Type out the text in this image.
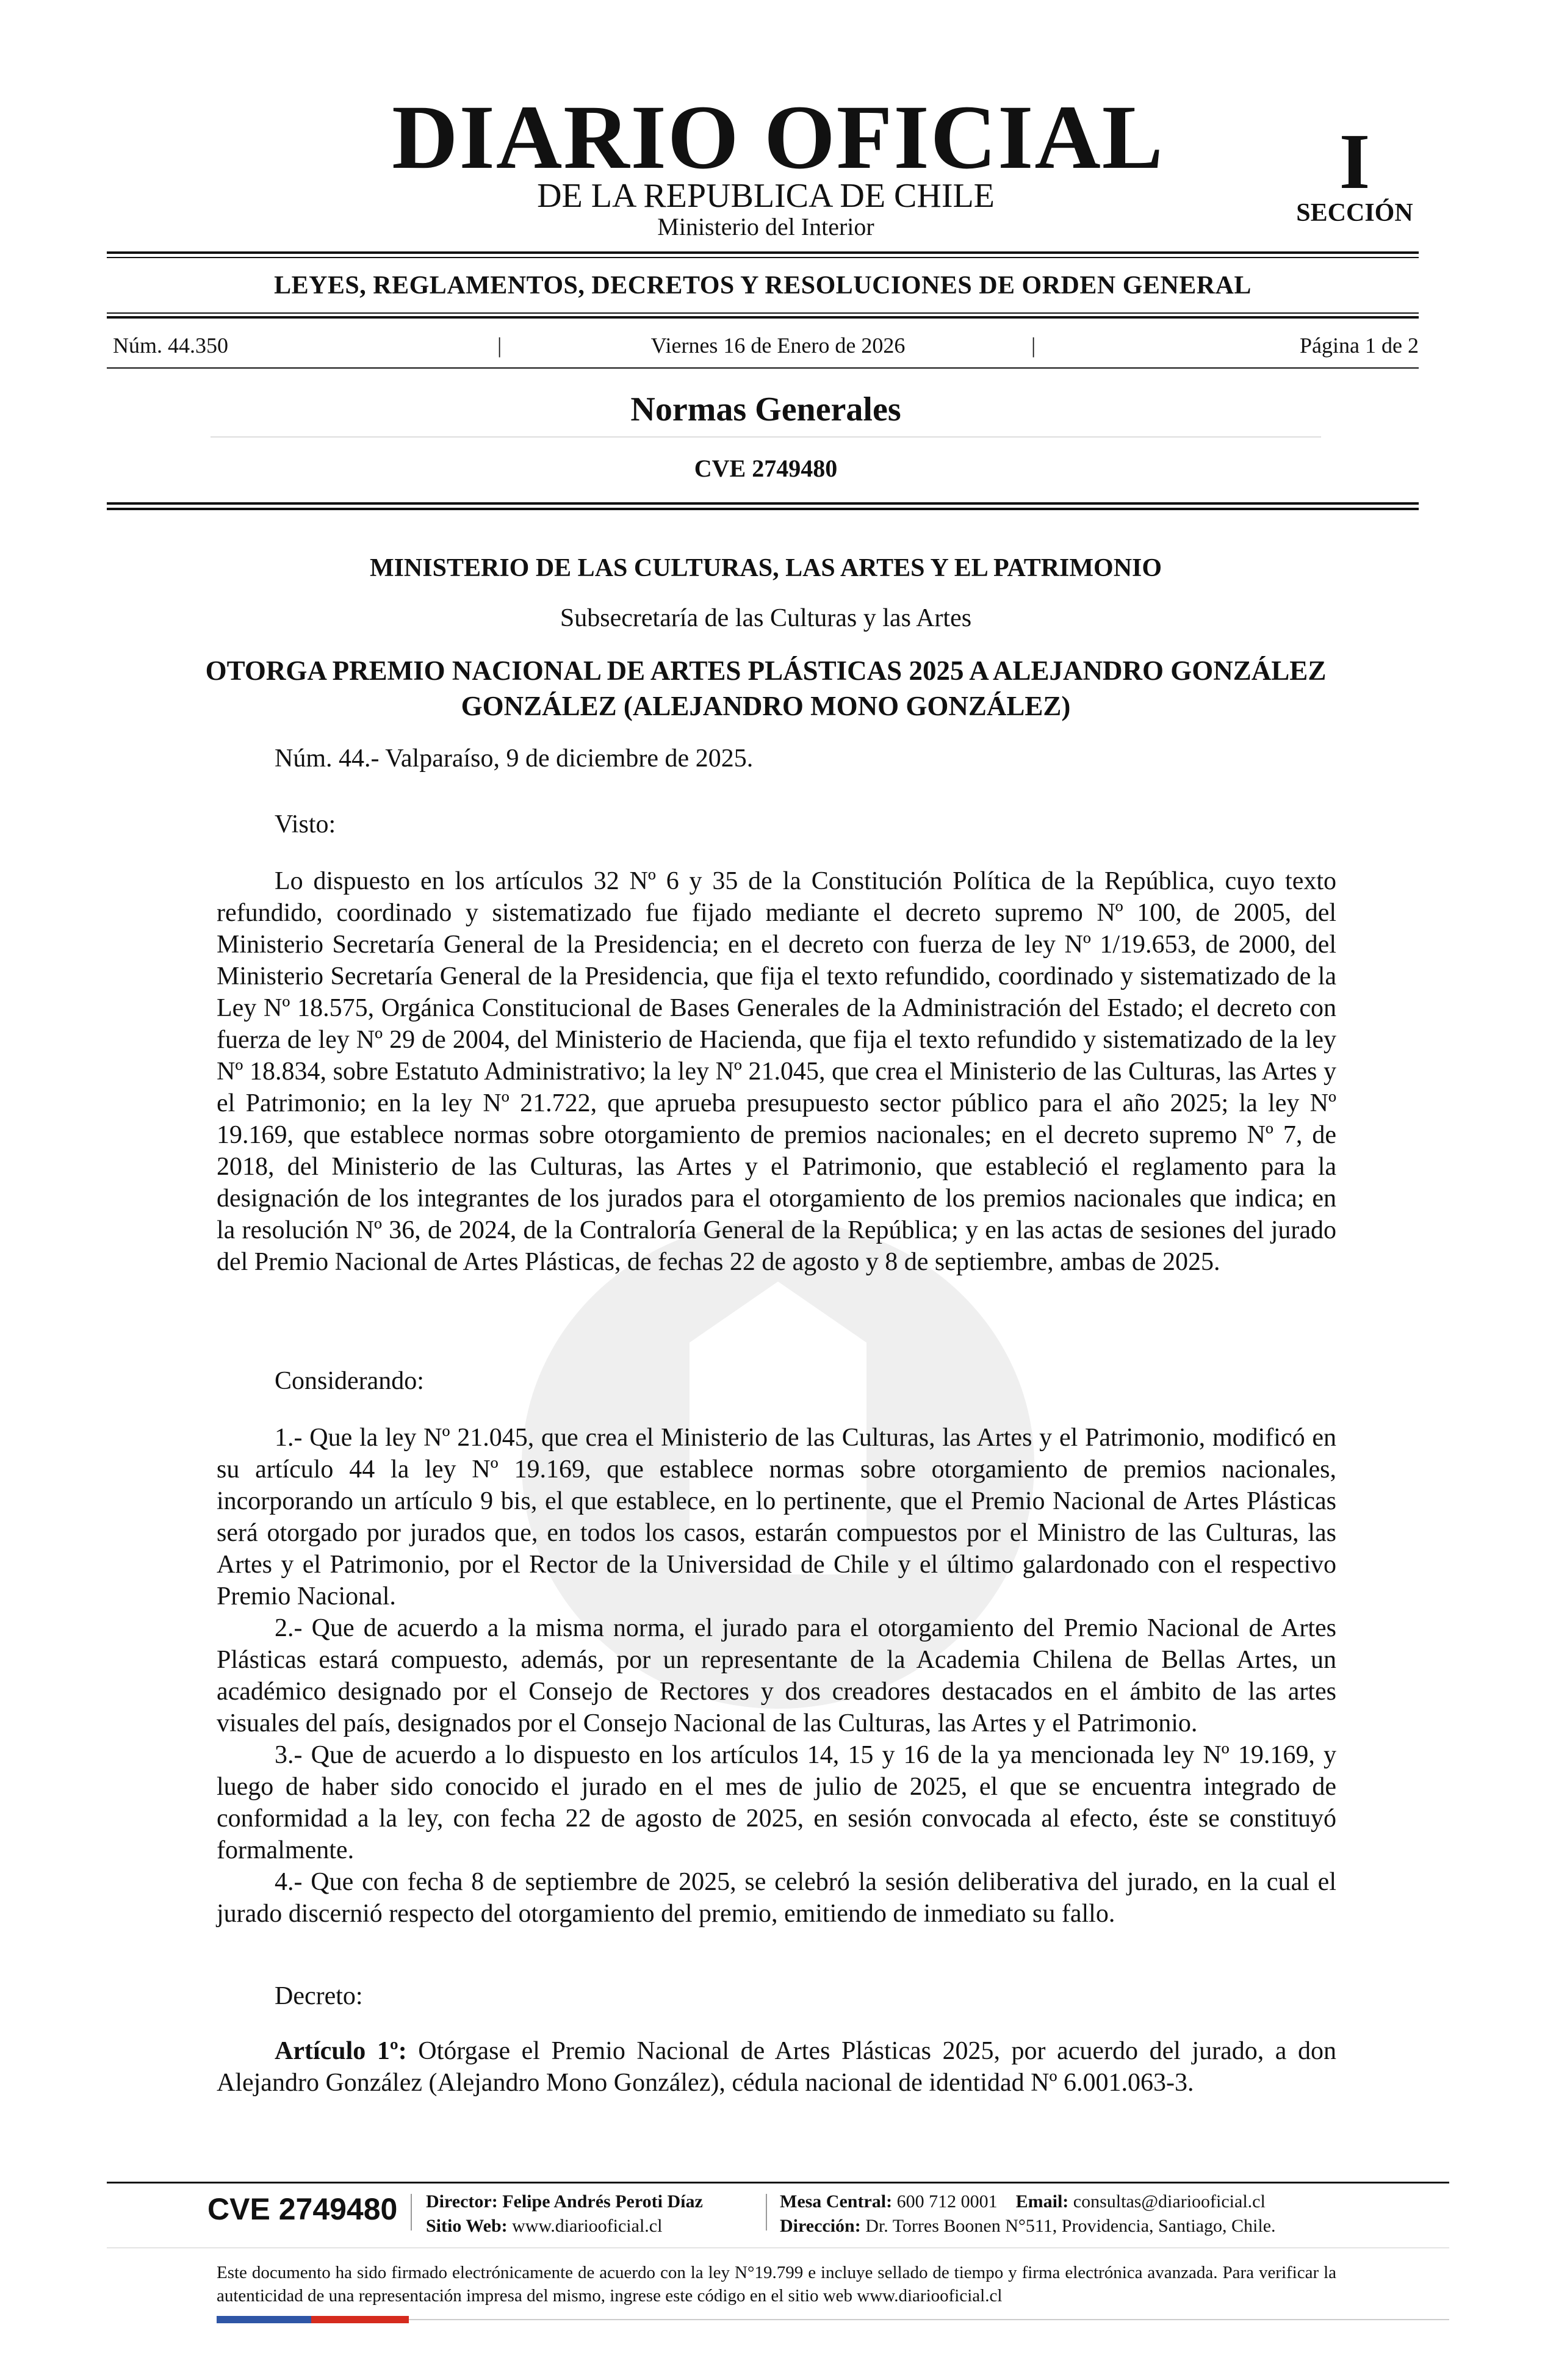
DIARIO OFICIAL
DE LA REPUBLICA DE CHILE
Ministerio del Interior
I
SECCIÓN
LEYES, REGLAMENTOS, DECRETOS Y RESOLUCIONES DE ORDEN GENERAL
Núm. 44.350	|	Viernes 16 de Enero de 2026	|	Página 1 de 2
Normas Generales
CVE 2749480
MINISTERIO DE LAS CULTURAS, LAS ARTES Y EL PATRIMONIO
Subsecretaría de las Culturas y las Artes
OTORGA PREMIO NACIONAL DE ARTES PLÁSTICAS 2025 A ALEJANDRO GONZÁLEZ GONZÁLEZ (ALEJANDRO MONO GONZÁLEZ)
Núm. 44.- Valparaíso, 9 de diciembre de 2025.
Visto:

Lo dispuesto en los artículos 32 Nº 6 y 35 de la Constitución Política de la República, cuyo texto refundido, coordinado y sistematizado fue fijado mediante el decreto supremo Nº 100, de 2005, del Ministerio Secretaría General de la Presidencia; en el decreto con fuerza de ley Nº 1/19.653, de 2000, del Ministerio Secretaría General de la Presidencia, que fija el texto refundido, coordinado y sistematizado de la Ley Nº 18.575, Orgánica Constitucional de Bases Generales de la Administración del Estado; el decreto con fuerza de ley Nº 29 de 2004, del Ministerio de Hacienda, que fija el texto refundido y sistematizado de la ley Nº 18.834, sobre Estatuto Administrativo; la ley Nº 21.045, que crea el Ministerio de las Culturas, las Artes y el Patrimonio; en la ley Nº 21.722, que aprueba presupuesto sector público para el año 2025; la ley Nº 19.169, que establece normas sobre otorgamiento de premios nacionales; en el decreto supremo Nº 7, de 2018, del Ministerio de las Culturas, las Artes y el Patrimonio, que estableció el reglamento para la designación de los integrantes de los jurados para el otorgamiento de los premios nacionales que indica; en la resolución Nº 36, de 2024, de la Contraloría General de la República; y en las actas de sesiones del jurado del Premio Nacional de Artes Plásticas, de fechas 22 de agosto y 8 de septiembre, ambas de 2025.

Considerando:

1.- Que la ley Nº 21.045, que crea el Ministerio de las Culturas, las Artes y el Patrimonio, modificó en su artículo 44 la ley Nº 19.169, que establece normas sobre otorgamiento de premios nacionales, incorporando un artículo 9 bis, el que establece, en lo pertinente, que el Premio Nacional de Artes Plásticas será otorgado por jurados que, en todos los casos, estarán compuestos por el Ministro de las Culturas, las Artes y el Patrimonio, por el Rector de la Universidad de Chile y el último galardonado con el respectivo Premio Nacional.

2.- Que de acuerdo a la misma norma, el jurado para el otorgamiento del Premio Nacional de Artes Plásticas estará compuesto, además, por un representante de la Academia Chilena de Bellas Artes, un académico designado por el Consejo de Rectores y dos creadores destacados en el ámbito de las artes visuales del país, designados por el Consejo Nacional de las Culturas, las Artes y el Patrimonio.

3.- Que de acuerdo a lo dispuesto en los artículos 14, 15 y 16 de la ya mencionada ley Nº 19.169, y luego de haber sido conocido el jurado en el mes de julio de 2025, el que se encuentra integrado de conformidad a la ley, con fecha 22 de agosto de 2025, en sesión convocada al efecto, éste se constituyó formalmente.

4.- Que con fecha 8 de septiembre de 2025, se celebró la sesión deliberativa del jurado, en la cual el jurado discernió respecto del otorgamiento del premio, emitiendo de inmediato su fallo.

Decreto:

Artículo 1º: Otórgase el Premio Nacional de Artes Plásticas 2025, por acuerdo del jurado, a don Alejandro González (Alejandro Mono González), cédula nacional de identidad Nº 6.001.063-3.

CVE 2749480 Director: Felipe Andrés Peroti Díaz
Sitio Web: www.diariooficial.cl
Mesa Central: 600 712 0001 Email: consultas@diariooficial.cl
Dirección: Dr. Torres Boonen N°511, Providencia, Santiago, Chile.
Este documento ha sido firmado electrónicamente de acuerdo con la ley N°19.799 e incluye sellado de tiempo y firma electrónica avanzada. Para verificar la autenticidad de una representación impresa del mismo, ingrese este código en el sitio web www.diariooficial.cl
